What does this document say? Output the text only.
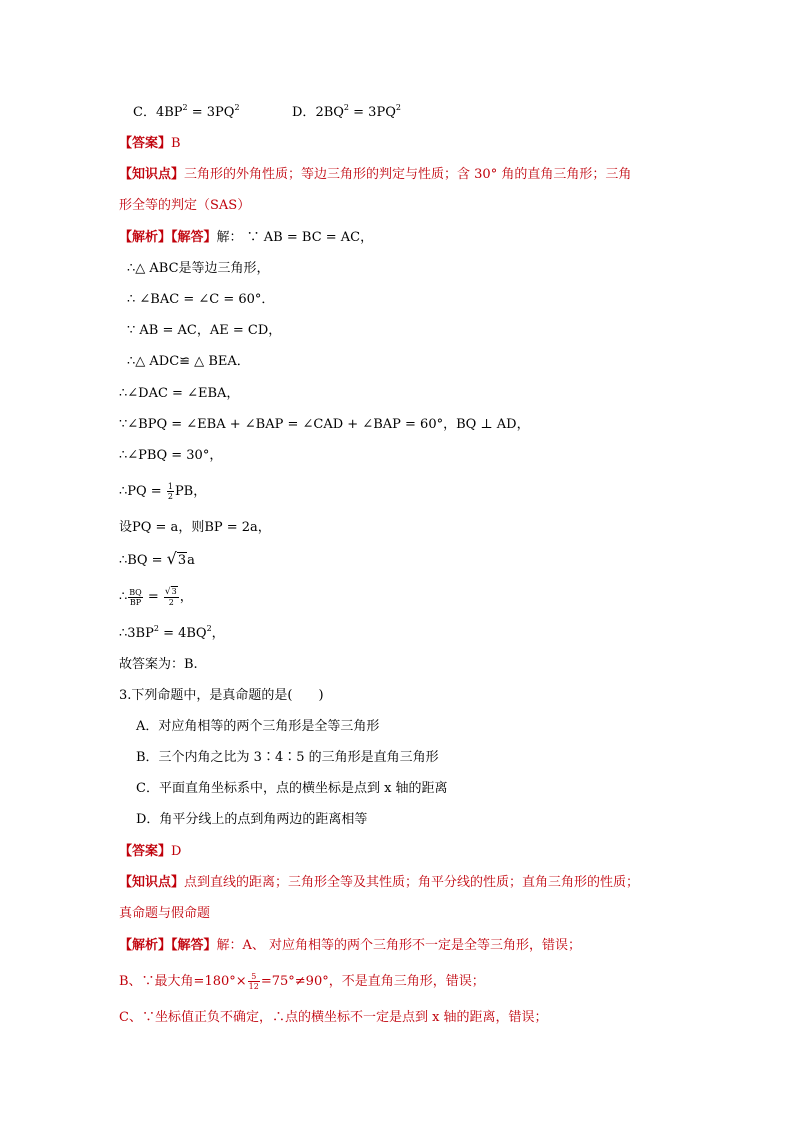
C．$4BP^2 = 3PQ^2$	D．$2BQ^2 = 3PQ^2$
【答案】B
【知识点】三角形的外角性质；等边三角形的判定与性质；含 30° 角的直角三角形；三角
形全等的判定（SAS）
【解析】【解答】解： ∵ AB = BC = AC，
∴△ ABC是等边三角形，
∴ ∠BAC = ∠C = 60°．
∵ AB = AC，AE = CD，
∴△ ADC≌ △ BEA．
∴∠DAC = ∠EBA，
∵∠BPQ = ∠EBA + ∠BAP = ∠CAD + ∠BAP = 60°，BQ ⊥ AD，
∴∠PBQ = 30°，
∴PQ = $\frac{1}{2}$ PB，
设PQ = a，则BP = 2a，
∴BQ = √3a
∴ $\frac{BQ}{BP} = \frac{√3}{2}$ ，
$\therefore 3BP^2 = 4BQ^2$，
故答案为：B.
3.下列命题中，是真命题的是(　　)
A．对应角相等的两个三角形是全等三角形
B．三个内角之比为 3∶4∶5 的三角形是直角三角形
C．平面直角坐标系中，点的横坐标是点到 x 轴的距离
D．角平分线上的点到角两边的距离相等
【答案】D
【知识点】点到直线的距离；三角形全等及其性质；角平分线的性质；直角三角形的性质；
真命题与假命题
【解析】【解答】解：A、 对应角相等的两个三角形不一定是全等三角形，错误；
B、∵最大角$=180^\circ\times \frac{5}{12} =75^\circ\ne 90^\circ$，不是直角三角形，错误；
C、∵坐标值正负不确定，∴点的横坐标不一定是点到 x 轴的距离，错误；
